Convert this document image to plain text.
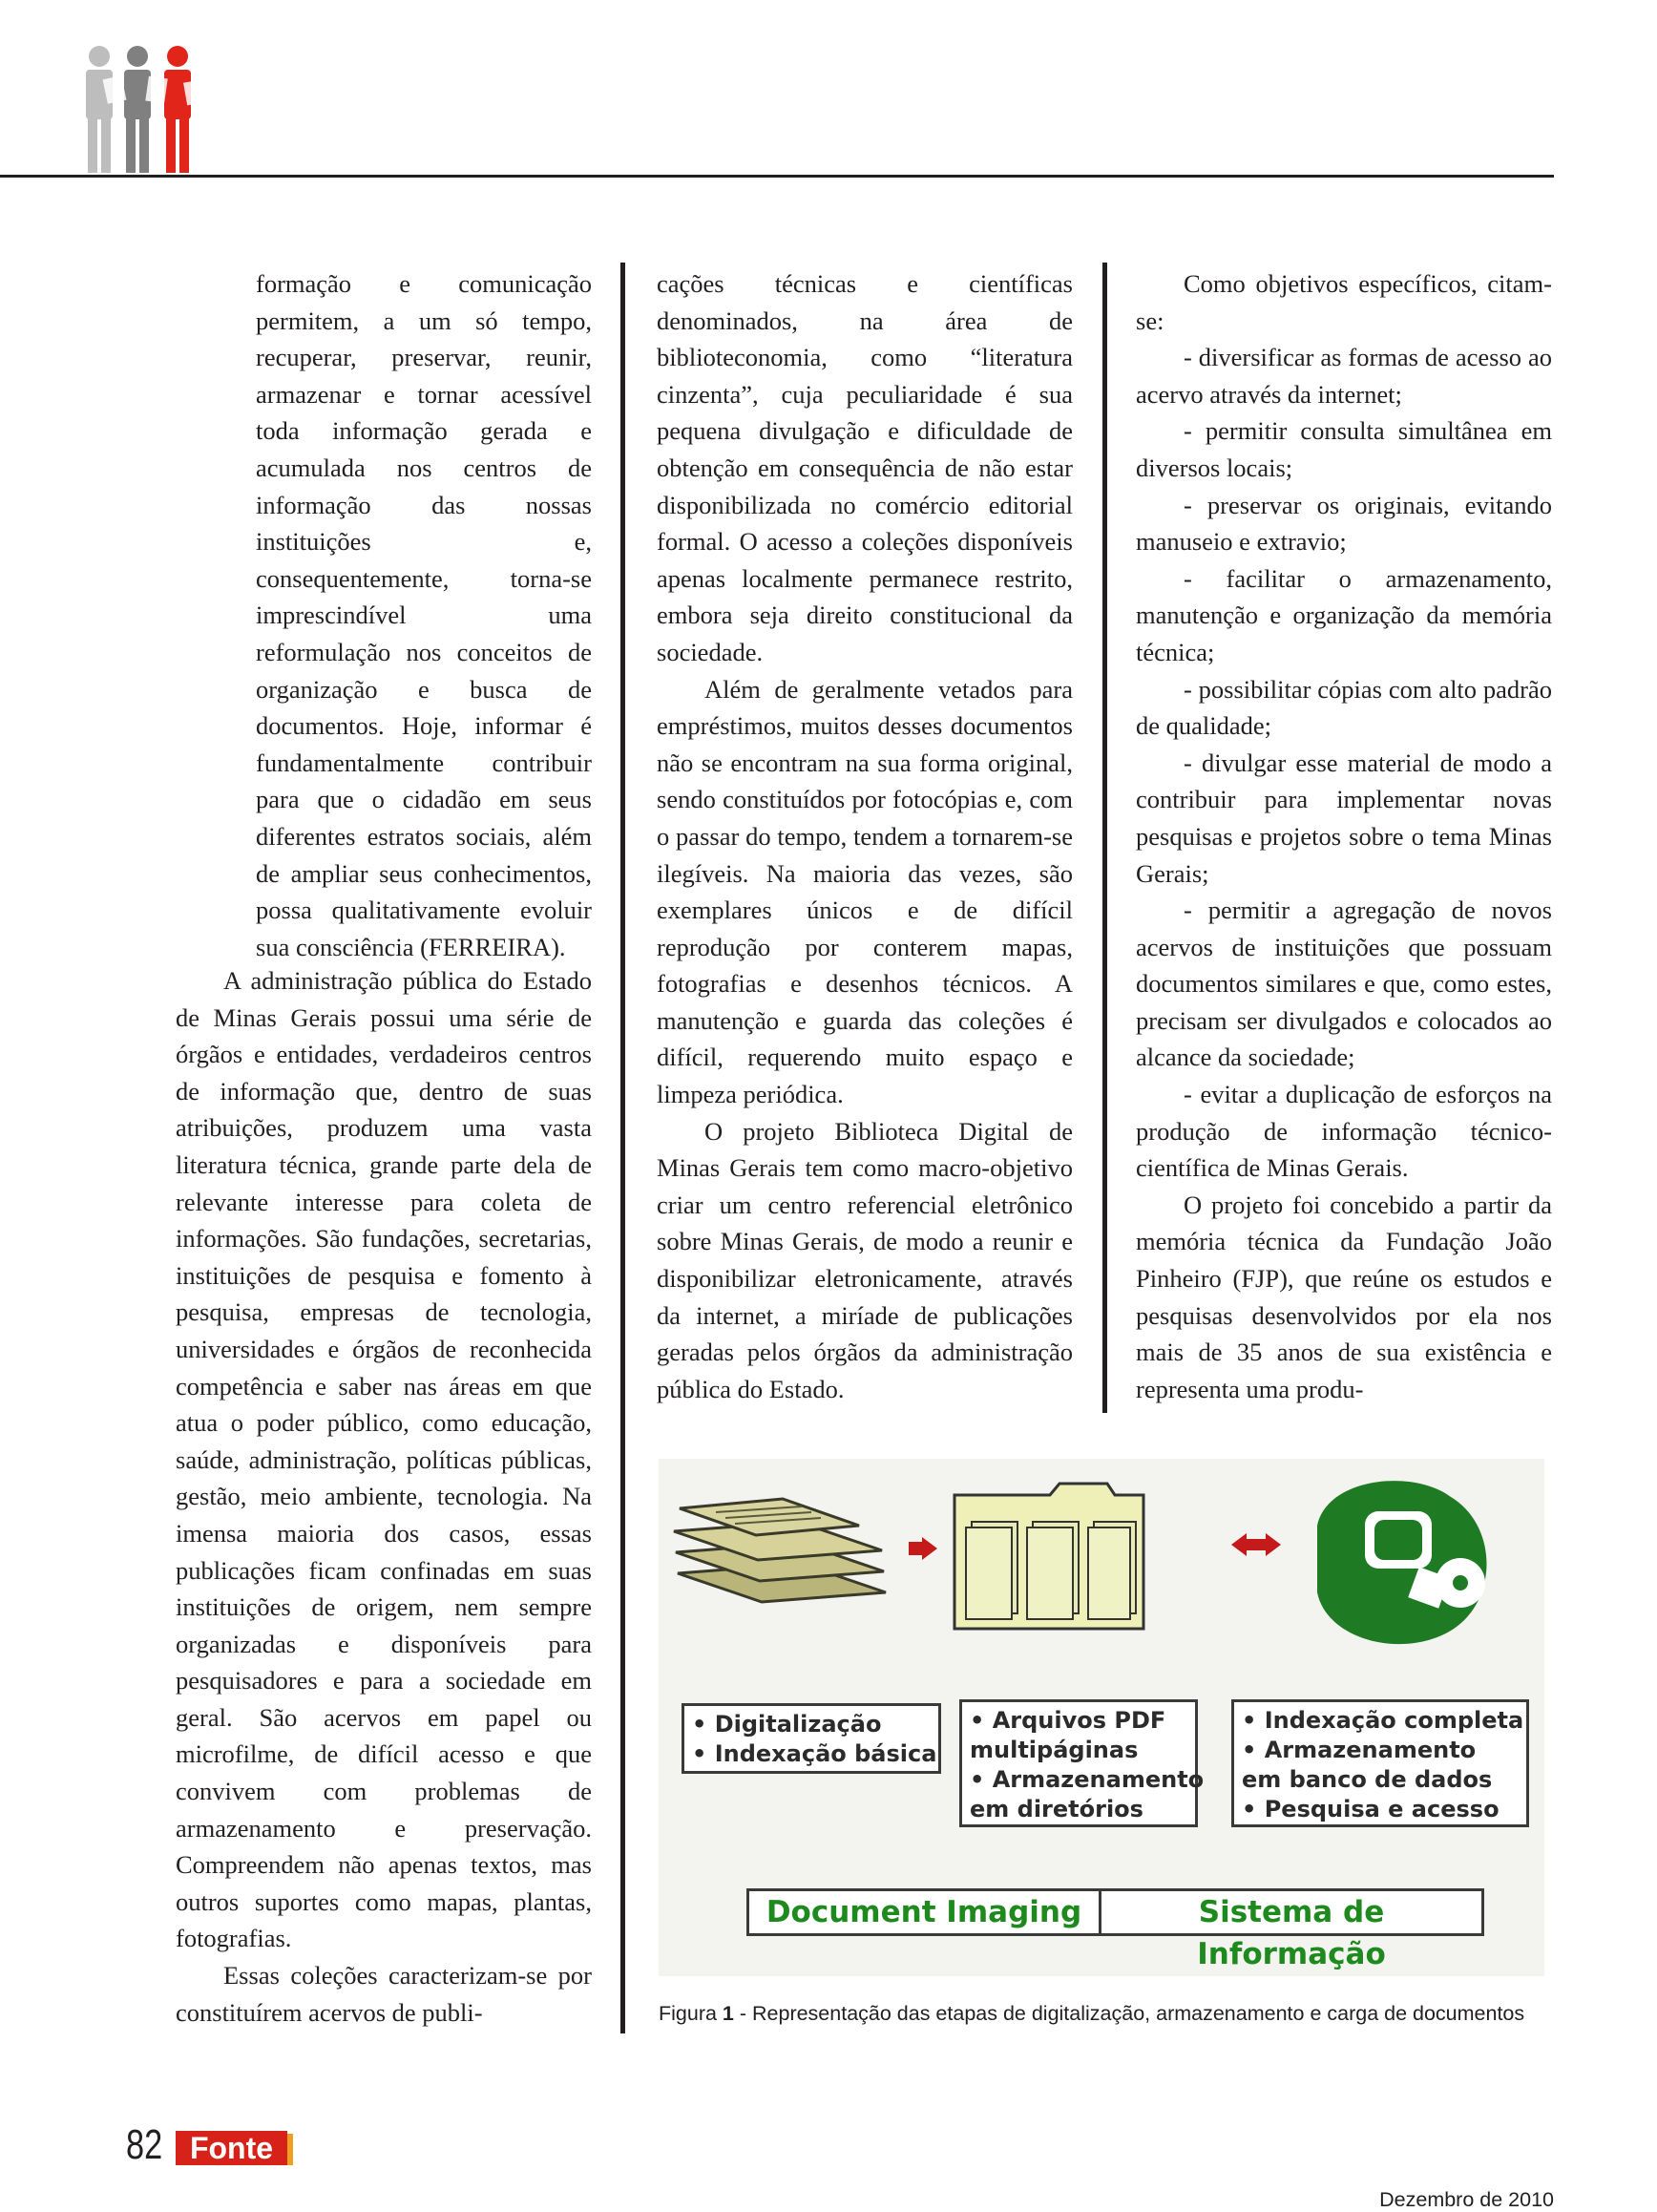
formação e comunicação permitem, a um só tempo, recuperar, preservar, reunir, armazenar e tornar acessível toda informação gerada e acumulada nos centros de informação das nossas instituições e, consequentemente, torna-se imprescindível uma reformulação nos conceitos de organização e busca de documentos. Hoje, informar é fundamentalmente contribuir para que o cidadão em seus diferentes estratos sociais, além de ampliar seus conhecimentos, possa qualitativamente evoluir sua consciência (FERREIRA).

A administração pública do Estado de Minas Gerais possui uma série de órgãos e entidades, verdadeiros centros de informação que, dentro de suas atribuições, produzem uma vasta literatura técnica, grande parte dela de relevante interesse para coleta de informações. São fundações, secretarias, instituições de pesquisa e fomento à pesquisa, empresas de tecnologia, universidades e órgãos de reconhecida competência e saber nas áreas em que atua o poder público, como educação, saúde, administração, políticas públicas, gestão, meio ambiente, tecnologia. Na imensa maioria dos casos, essas publicações ficam confinadas em suas instituições de origem, nem sempre organizadas e disponíveis para pesquisadores e para a sociedade em geral. São acervos em papel ou microfilme, de difícil acesso e que convivem com problemas de armazenamento e preservação. Compreendem não apenas textos, mas outros suportes como mapas, plantas, fotografias.

Essas coleções caracterizam-se por constituírem acervos de publi-

cações técnicas e científicas denominados, na área de biblioteconomia, como “literatura cinzenta”, cuja peculiaridade é sua pequena divulgação e dificuldade de obtenção em consequência de não estar disponibilizada no comércio editorial formal. O acesso a coleções disponíveis apenas localmente permanece restrito, embora seja direito constitucional da sociedade.

Além de geralmente vetados para empréstimos, muitos desses documentos não se encontram na sua forma original, sendo constituídos por fotocópias e, com o passar do tempo, tendem a tornarem-se ilegíveis. Na maioria das vezes, são exemplares únicos e de difícil reprodução por conterem mapas, fotografias e desenhos técnicos. A manutenção e guarda das coleções é difícil, requerendo muito espaço e limpeza periódica.

O projeto Biblioteca Digital de Minas Gerais tem como macro-objetivo criar um centro referencial eletrônico sobre Minas Gerais, de modo a reunir e disponibilizar eletronicamente, através da internet, a miríade de publicações geradas pelos órgãos da administração pública do Estado.

Como objetivos específicos, citam-se:

- diversificar as formas de acesso ao acervo através da internet;

- permitir consulta simultânea em diversos locais;

- preservar os originais, evitando manuseio e extravio;

- facilitar o armazenamento, manutenção e organização da memória técnica;

- possibilitar cópias com alto padrão de qualidade;

- divulgar esse material de modo a contribuir para implementar novas pesquisas e projetos sobre o tema Minas Gerais;

- permitir a agregação de novos acervos de instituições que possuam documentos similares e que, como estes, precisam ser divulgados e colocados ao alcance da sociedade;

- evitar a duplicação de esforços na produção de informação técnico-científica de Minas Gerais.

O projeto foi concebido a partir da memória técnica da Fundação João Pinheiro (FJP), que reúne os estudos e pesquisas desenvolvidos por ela nos mais de 35 anos de sua existência e representa uma produ-

• Digitalização
• Indexação básica
• Arquivos PDF
multipáginas
• Armazenamento
em diretórios
• Indexação completa
• Armazenamento
em banco de dados
• Pesquisa e acesso
Document Imaging	Sistema de Informação
Figura 1 - Representação das etapas de digitalização, armazenamento e carga de documentos
82 Fonte
Dezembro de 2010
